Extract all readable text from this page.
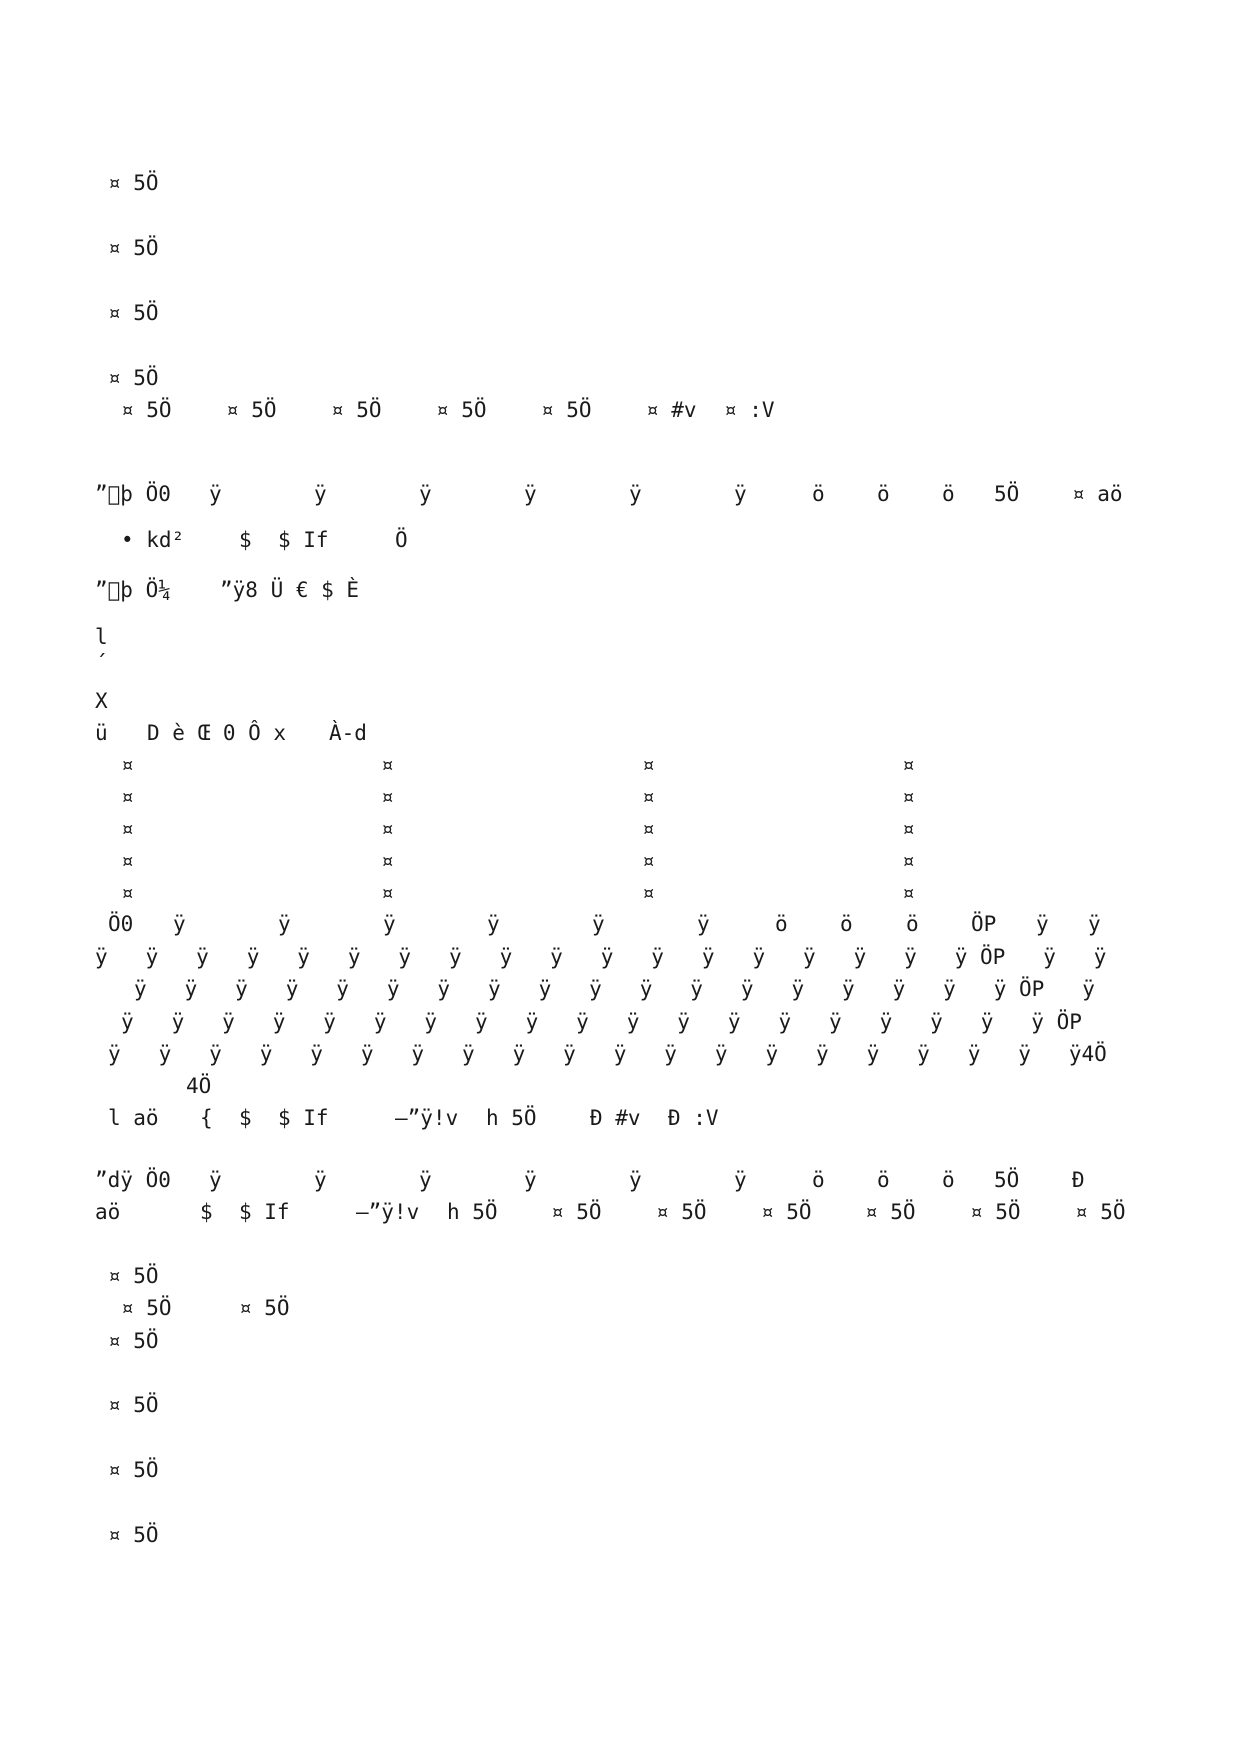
¤ 5Ö
¤ 5Ö
¤ 5Ö
¤ 5Ö
¤ 5Ö	¤ 5Ö	¤ 5Ö	¤ 5Ö	¤ 5Ö	¤ #v ¤ :V
” þ Ö0 ÿ	ÿ	ÿ	ÿ	ÿ	ÿ	ö ö ö 5Ö	¤ aö
• kd²	$ $ If	Ö
” þ Ö¼ ”ÿ8 Ü € $ È
l
´
X
ü D è Œ 0 Ô x À-d
¤	¤	¤	¤
¤	¤	¤	¤
¤	¤	¤	¤
¤	¤	¤	¤
¤	¤	¤	¤
Ö0 ÿ	ÿ	ÿ	ÿ	ÿ	ÿ	ö ö	ö ÖP ÿ ÿ
ÿ   ÿ   ÿ   ÿ   ÿ   ÿ   ÿ   ÿ   ÿ   ÿ   ÿ   ÿ   ÿ   ÿ   ÿ   ÿ   ÿ   ÿ ÖP   ÿ   ÿ
ÿ   ÿ   ÿ   ÿ   ÿ   ÿ   ÿ   ÿ   ÿ   ÿ   ÿ   ÿ   ÿ   ÿ   ÿ   ÿ   ÿ   ÿ ÖP   ÿ
ÿ   ÿ   ÿ   ÿ   ÿ   ÿ   ÿ   ÿ   ÿ   ÿ   ÿ   ÿ   ÿ   ÿ   ÿ   ÿ   ÿ   ÿ   ÿ ÖP
ÿ   ÿ   ÿ   ÿ   ÿ   ÿ   ÿ   ÿ   ÿ   ÿ   ÿ   ÿ   ÿ   ÿ   ÿ   ÿ   ÿ   ÿ   ÿ   ÿ4Ö
4Ö
l aö { $ $ If	–”ÿ!v h 5Ö	Ð #v Ð :V
”dÿ Ö0 ÿ	ÿ	ÿ	ÿ	ÿ	ÿ	ö ö ö 5Ö	Ð
aö	$ $ If	–”ÿ!v h 5Ö	¤ 5Ö	¤ 5Ö	¤ 5Ö	¤ 5Ö	¤ 5Ö	¤ 5Ö
¤ 5Ö
¤ 5Ö	¤ 5Ö
¤ 5Ö
¤ 5Ö
¤ 5Ö
¤ 5Ö
